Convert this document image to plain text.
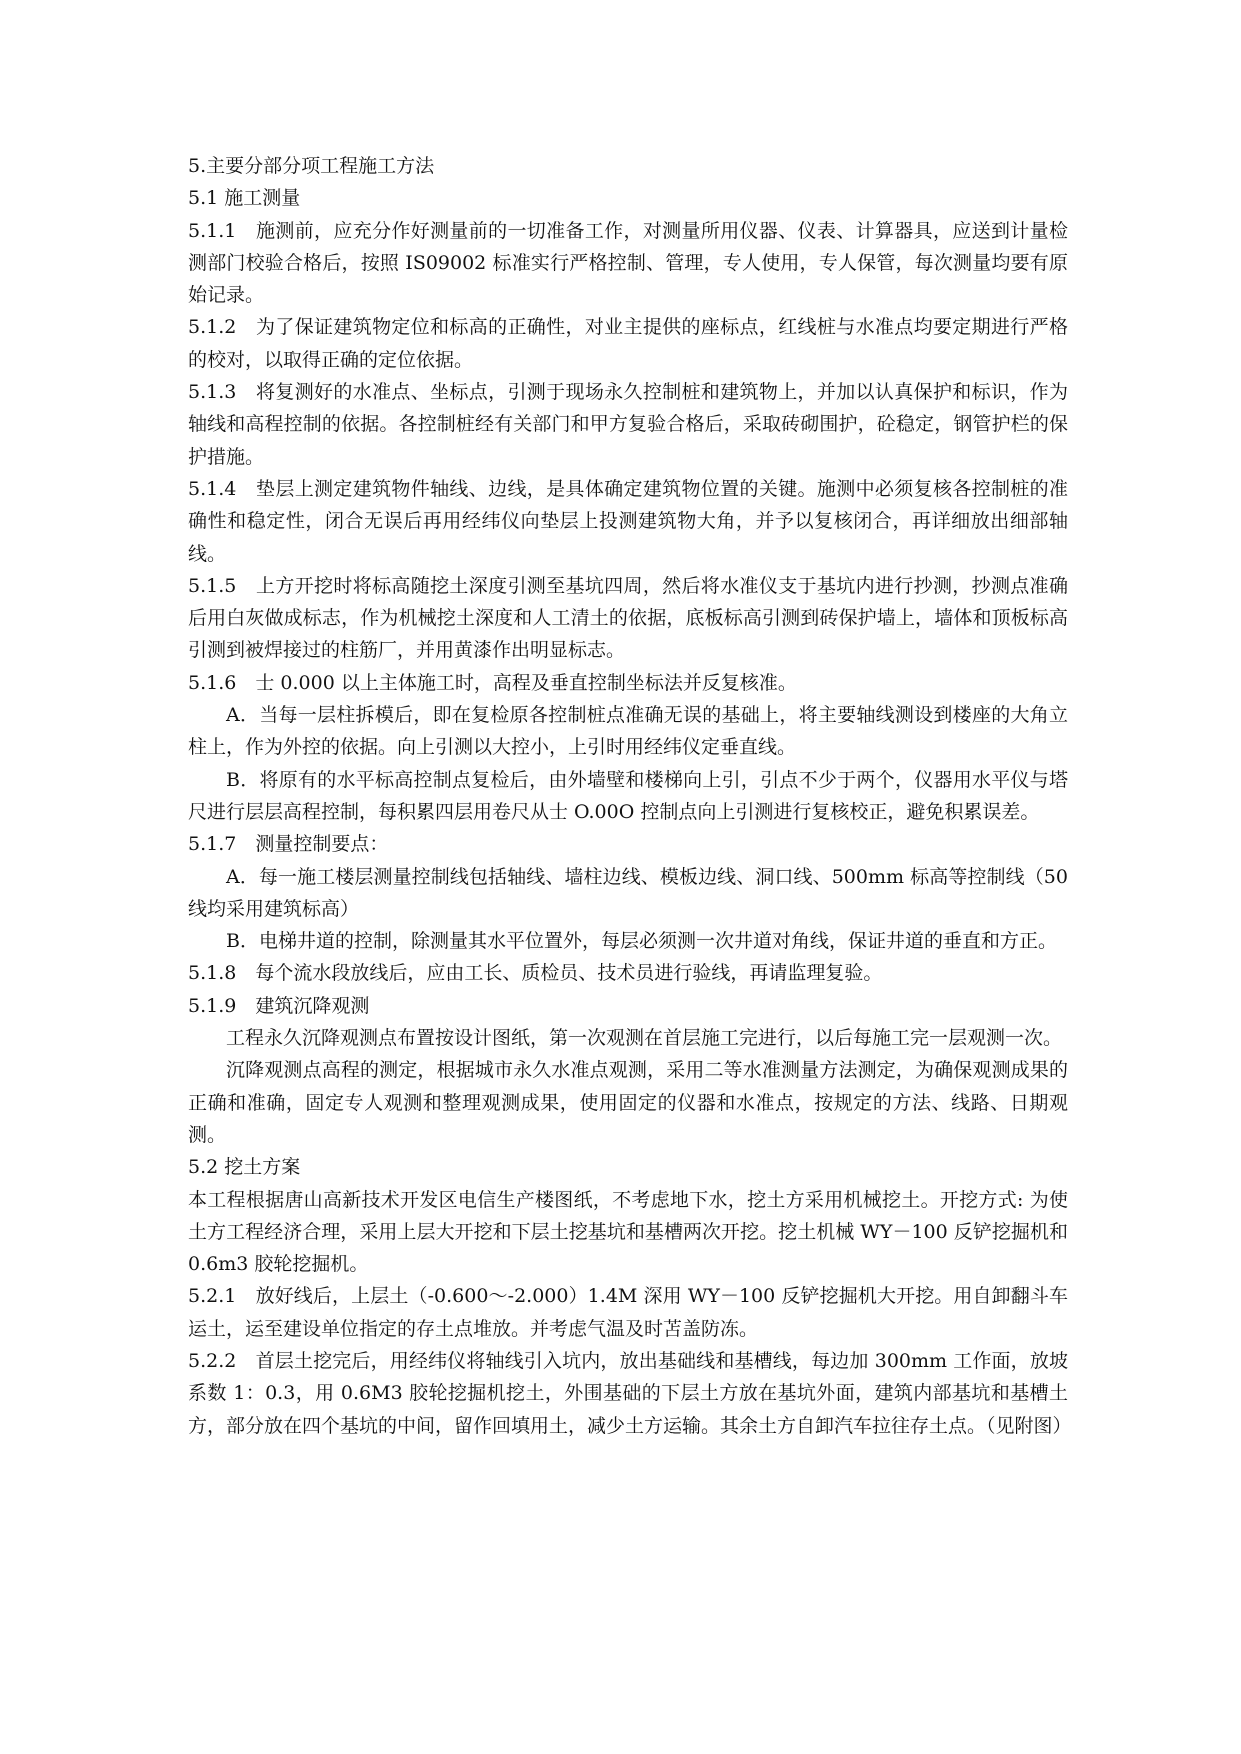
5.主要分部分项工程施工方法

5.1 施工测量

5.1.1　施测前，应充分作好测量前的一切准备工作，对测量所用仪器、仪表、计算器具，应送到计量检测部门校验合格后，按照 IS09002 标准实行严格控制、管理，专人使用，专人保管，每次测量均要有原始记录。

5.1.2　为了保证建筑物定位和标高的正确性，对业主提供的座标点，红线桩与水准点均要定期进行严格的校对，以取得正确的定位依据。

5.1.3　将复测好的水准点、坐标点，引测于现场永久控制桩和建筑物上，并加以认真保护和标识，作为轴线和高程控制的依据。各控制桩经有关部门和甲方复验合格后，采取砖砌围护，砼稳定，钢管护栏的保护措施。

5.1.4　垫层上测定建筑物件轴线、边线，是具体确定建筑物位置的关键。施测中必须复核各控制桩的准确性和稳定性，闭合无误后再用经纬仪向垫层上投测建筑物大角，并予以复核闭合，再详细放出细部轴线。

5.1.5　上方开挖时将标高随挖土深度引测至基坑四周，然后将水准仪支于基坑内进行抄测，抄测点准确后用白灰做成标志，作为机械挖土深度和人工清土的依据，底板标高引测到砖保护墙上，墙体和顶板标高引测到被焊接过的柱筋厂，并用黄漆作出明显标志。

5.1.6　士 0.000 以上主体施工时，高程及垂直控制坐标法并反复核准。

A．当每一层柱拆模后，即在复检原各控制桩点准确无误的基础上，将主要轴线测设到楼座的大角立柱上，作为外控的依据。向上引测以大控小，上引时用经纬仪定垂直线。

B．将原有的水平标高控制点复检后，由外墙壁和楼梯向上引，引点不少于两个，仪器用水平仪与塔尺进行层层高程控制，每积累四层用卷尺从士 O.00O 控制点向上引测进行复核校正，避免积累误差。

5.1.7　测量控制要点：

A．每一施工楼层测量控制线包括轴线、墙柱边线、模板边线、洞口线、500mm 标高等控制线（50 线均采用建筑标高）

B．电梯井道的控制，除测量其水平位置外，每层必须测一次井道对角线，保证井道的垂直和方正。

5.1.8　每个流水段放线后，应由工长、质检员、技术员进行验线，再请监理复验。

5.1.9　建筑沉降观测

工程永久沉降观测点布置按设计图纸，第一次观测在首层施工完进行，以后每施工完一层观测一次。

沉降观测点高程的测定，根据城市永久水准点观测，采用二等水准测量方法测定，为确保观测成果的正确和准确，固定专人观测和整理观测成果，使用固定的仪器和水准点，按规定的方法、线路、日期观测。

5.2 挖土方案

本工程根据唐山高新技术开发区电信生产楼图纸，不考虑地下水，挖土方采用机械挖土。开挖方式: 为使土方工程经济合理，采用上层大开挖和下层土挖基坑和基槽两次开挖。挖土机械 WY－100 反铲挖掘机和 0.6m3 胶轮挖掘机。

5.2.1　放好线后，上层土（-0.600～-2.000）1.4M 深用 WY－100 反铲挖掘机大开挖。用自卸翻斗车运土，运至建设单位指定的存土点堆放。并考虑气温及时苫盖防冻。

5.2.2　首层土挖完后，用经纬仪将轴线引入坑内，放出基础线和基槽线，每边加 300mm 工作面，放坡系数 1：0.3，用 0.6M3 胶轮挖掘机挖土，外围基础的下层土方放在基坑外面，建筑内部基坑和基槽土方，部分放在四个基坑的中间，留作回填用土，减少土方运输。其余土方自卸汽车拉往存土点。（见附图）
